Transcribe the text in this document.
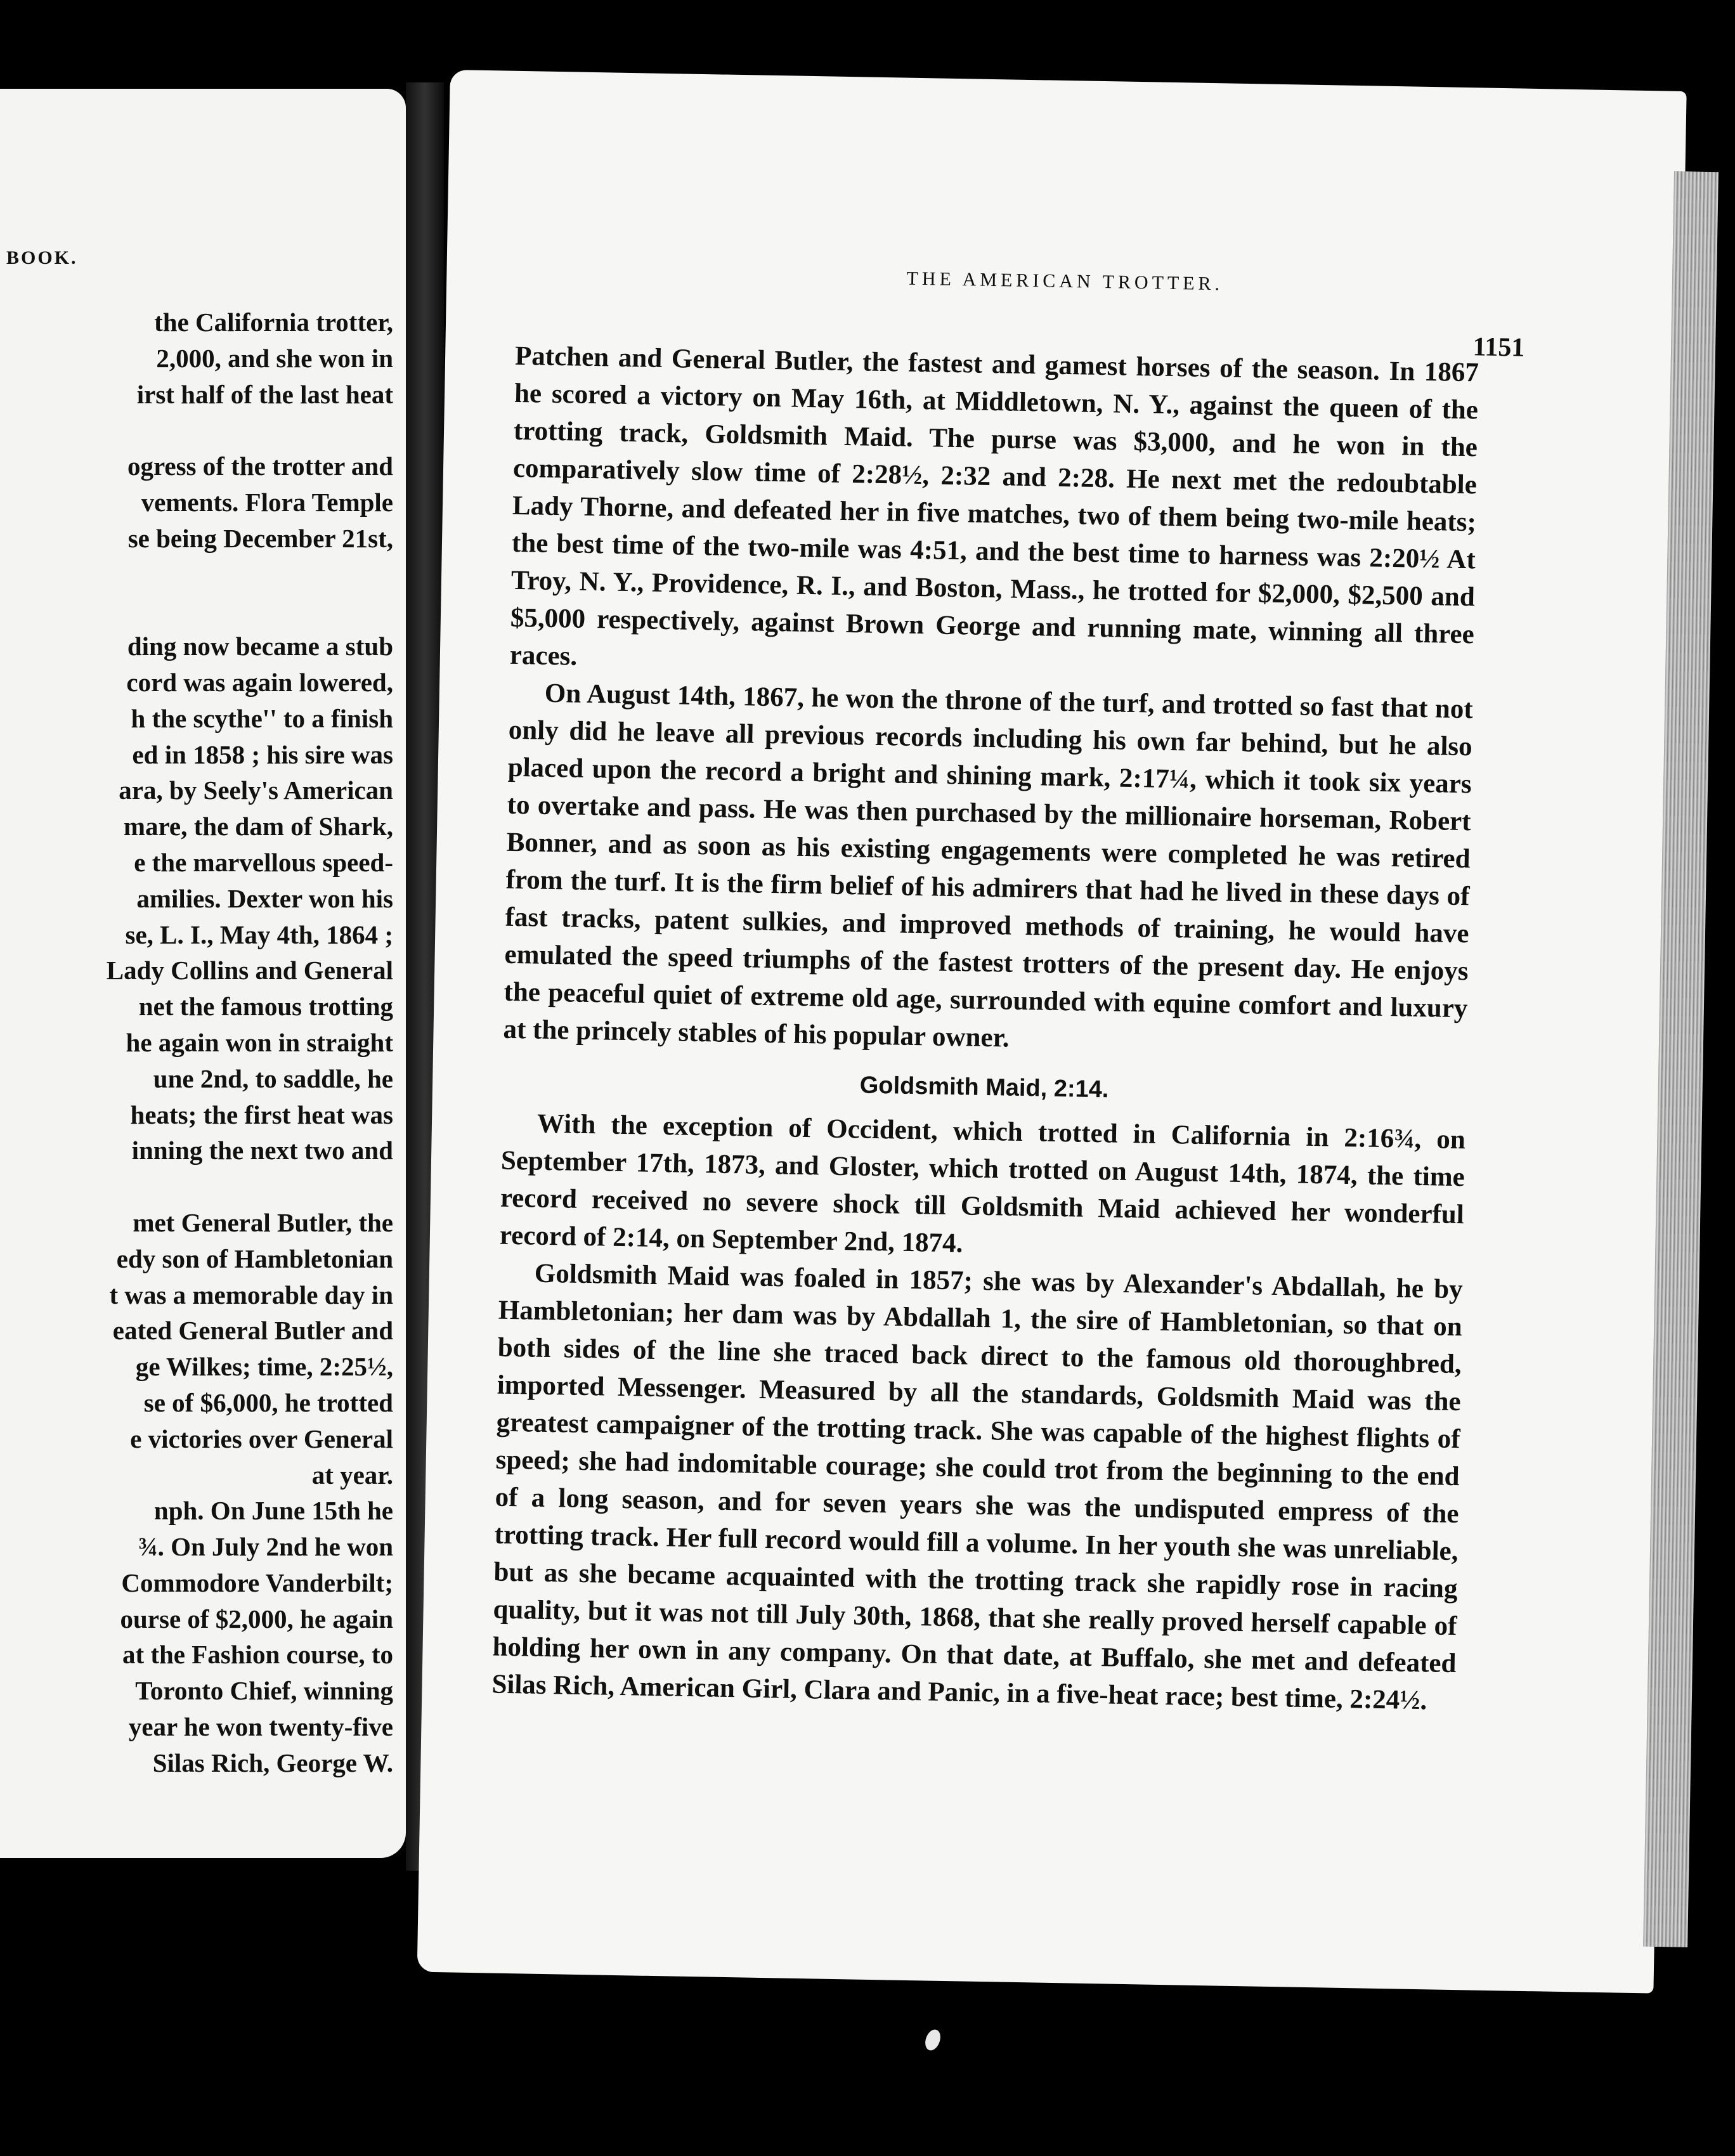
BOOK.
the California trotter,
2,000, and she won in
irst half of the last heat
ogress of the trotter and
vements. Flora Temple
se being December 21st,
ding now became a stub
cord was again lowered,
h the scythe'' to a finish
ed in 1858 ; his sire was
ara, by Seely's American
mare, the dam of Shark,
e the marvellous speed-
amilies. Dexter won his
se, L. I., May 4th, 1864 ;
Lady Collins and General
net the famous trotting
he again won in straight
une 2nd, to saddle, he
heats; the first heat was
inning the next two and
met General Butler, the
edy son of Hambletonian
t was a memorable day in
eated General Butler and
ge Wilkes; time, 2:25½,
se of $6,000, he trotted
e victories over General
at year.
nph. On June 15th he
¾. On July 2nd he won
Commodore Vanderbilt;
ourse of $2,000, he again
at the Fashion course, to
Toronto Chief, winning
year he won twenty-five
Silas Rich, George W.
THE AMERICAN TROTTER.
1151

Patchen and General Butler, the fastest and gamest horses of the season. In 1867 he scored a victory on May 16th, at Middletown, N. Y., against the queen of the trotting track, Goldsmith Maid. The purse was $3,000, and he won in the comparatively slow time of 2:28½, 2:32 and 2:28. He next met the redoubtable Lady Thorne, and defeated her in five matches, two of them being two-mile heats; the best time of the two-mile was 4:51, and the best time to harness was 2:20½ At Troy, N. Y., Providence, R. I., and Boston, Mass., he trotted for $2,000, $2,500 and $5,000 respectively, against Brown George and running mate, winning all three races.

On August 14th, 1867, he won the throne of the turf, and trotted so fast that not only did he leave all previous records including his own far behind, but he also placed upon the record a bright and shining mark, 2:17¼, which it took six years to overtake and pass. He was then purchased by the millionaire horseman, Robert Bonner, and as soon as his existing engagements were completed he was retired from the turf. It is the firm belief of his admirers that had he lived in these days of fast tracks, patent sulkies, and improved methods of training, he would have emulated the speed triumphs of the fastest trotters of the present day. He enjoys the peaceful quiet of extreme old age, surrounded with equine comfort and luxury at the princely stables of his popular owner.

Goldsmith Maid, 2:14.

With the exception of Occident, which trotted in California in 2:16¾, on September 17th, 1873, and Gloster, which trotted on August 14th, 1874, the time record received no severe shock till Goldsmith Maid achieved her wonderful record of 2:14, on September 2nd, 1874.

Goldsmith Maid was foaled in 1857; she was by Alexander's Abdallah, he by Hambletonian; her dam was by Abdallah 1, the sire of Hambletonian, so that on both sides of the line she traced back direct to the famous old thoroughbred, imported Messenger. Measured by all the standards, Goldsmith Maid was the greatest campaigner of the trotting track. She was capable of the highest flights of speed; she had indomitable courage; she could trot from the beginning to the end of a long season, and for seven years she was the undisputed empress of the trotting track. Her full record would fill a volume. In her youth she was unreliable, but as she became acquainted with the trotting track she rapidly rose in racing quality, but it was not till July 30th, 1868, that she really proved herself capable of holding her own in any company. On that date, at Buffalo, she met and defeated Silas Rich, American Girl, Clara and Panic, in a five-heat race; best time, 2:24½.
